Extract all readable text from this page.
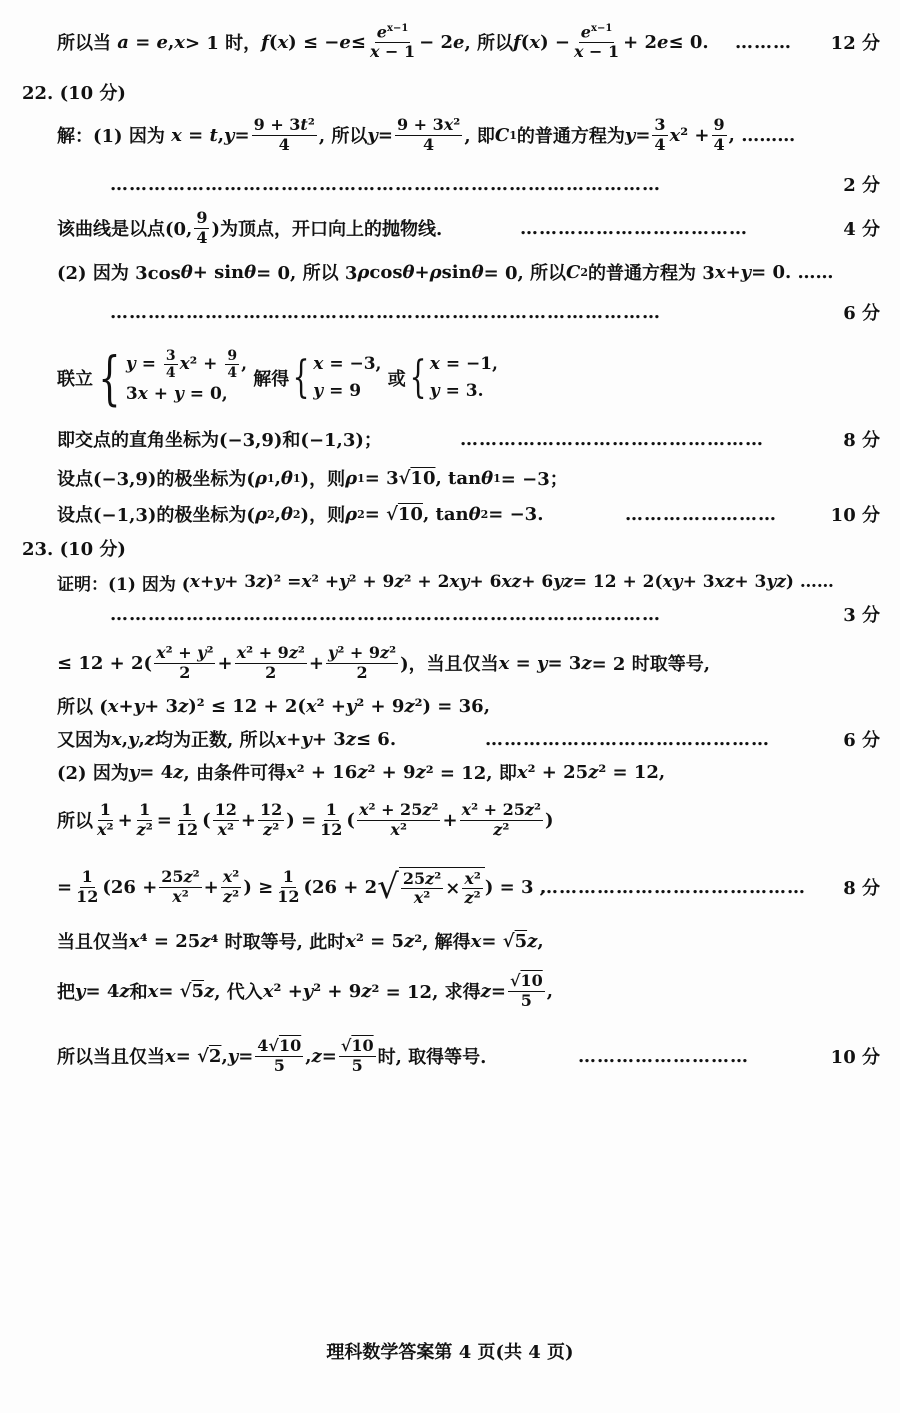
所以当 a = e , x > 1 时， f ( x ) ≤ − $e \le \frac{e^{x-1}}{x - 1} - 2$ e , 所以 f ( x ) − $\frac{e^{x-1}}{x - 1} + 2$ e ≤ 0. ……… 12 分
22. (10 分)
解：(1) 因为 x = t , $y = \frac{\text{9 + 3t²}}{4}$ , 所以 $y = \frac{\text{9 + 3x²}}{4}$ , 即 C 1 的普通方程为 $y = \frac{3}{4}$ x $^2 + \frac{9}{4}$ , ………
……………………………………………………………………………	2 分
该曲线是以点(0, $\frac{9}{4}$ )为顶点，开口向上的抛物线.	………………………………	4 分
(2) 因为 3cos θ + sin θ = 0, 所以 3 ρ cos θ + ρ sin θ = 0, 所以 C 2 的普通方程为 3 x + y = 0. ……
……………………………………………………………………………	6 分
联立 { $y = \frac{3}{4} x^2 + \frac{9}{4}$ ,
3x + y = 0,
解得 { x = −3,
y = 9
或 { x = −1,
y = 3.
即交点的直角坐标为(−3,9)和(−1,3)；	…………………………………………	8 分
设点(−3,9)的极坐标为( ρ 1 , θ 1 )，则 ρ 1 = 3√ 10 , tan θ 1 = −3；
设点(−1,3)的极坐标为( ρ 2 , θ 2 )，则 ρ 2 = √ 10 , tan θ 2 = −3.	……………………	10 分
23. (10 分)
证明：(1) 因为 ( x + y + 3 z )² = x ² + y ² + 9 z ² + 2 xy + 6 xz + 6 yz = 12 + 2( xy + 3 xz + 3 yz ) ……
……………………………………………………………………………	3 分
≤ $12 + 2( \frac{\text{x² + y²}}{2} + \frac{\text{x² + 9z²}}{2} + \frac{\text{y² + 9z²}}{2}$ )，当且仅当 x = y = 3 z = 2 时取等号,
所以 ( x + y + 3 z )² ≤ 12 + 2( x ² + y ² + 9 z ²) = 36,
又因为 x , y , z 均为正数, 所以 x + y + 3 z ≤ 6.	………………………………………	6 分
(2) 因为 y = 4 z , 由条件可得 x ² + 16 z ² + 9 z ² = 12, 即 x ² + 25 z ² = 12,
所以 $\frac{1}{\text{x²}} + \frac{1}{\text{z²}} = \frac{1}{12}$ ( $\frac{12}{\text{x²}} + \frac{12}{\text{z²}}$ ) = $\frac{1}{12}$ ( $\frac{\text{x² + 25z²}}{\text{x²}} + \frac{\text{x² + 25z²}}{\text{z²}}$ )
= $\frac{1}{12} (26 + \frac{\text{25z²}}{\text{x²}} + \frac{\text{x²}}{\text{z²}}$ ) ≥ $\frac{1}{12} (26 + 2$ √ $\frac{\text{25z²}}{\text{x²}} \times \frac{\text{x²}}{\text{z²}}$ ) = 3 ,
…………………………………… 8 分
当且仅当 x ⁴ = 25 z ⁴ 时取等号, 此时 x ² = 5 z ², 解得 x = √ 5 z ,
把 y = 4 z 和 x = √ 5 z , 代入 x ² + y ² + 9 z ² = 12, 求得 $z = \frac{√10}{5}$ ,
所以当且仅当 x = √ 2 , $y = \frac{4√10}{5}$ , $z = \frac{√10}{5}$ 时, 取得等号.	………………………	10 分
理科数学答案第 4 页(共 4 页)
